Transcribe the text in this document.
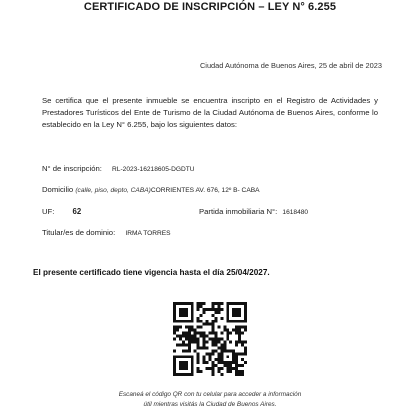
CERTIFICADO DE INSCRIPCIÓN – LEY N° 6.255
Ciudad Autónoma de Buenos Aires, 25 de abril de 2023
Se certifica que el presente inmueble se encuentra inscripto en el Registro de Actividades y Prestadores Turísticos del Ente de Turismo de la Ciudad Autónoma de Buenos Aires, conforme lo establecido en la Ley N° 6.255, bajo los siguientes datos:
N° de inscripción: RL-2023-16218605-DGDTU
Domicilio (calle, piso, depto, CABA)CORRIENTES AV. 676, 12º B- CABA
UF: 62	Partida inmobiliaria N°: 1618480
Titular/es de dominio: IRMA TORRES
El presente certificado tiene vigencia hasta el día 25/04/2027.
Escaneá el código QR con tu celular para acceder a información
útil mientras visitás la Ciudad de Buenos Aires.
